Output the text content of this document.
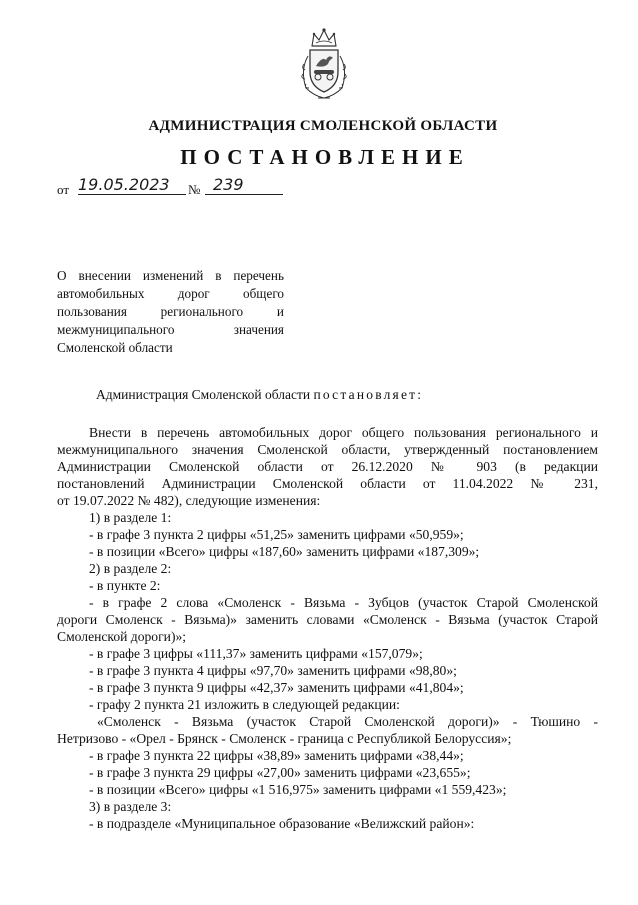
АДМИНИСТРАЦИЯ СМОЛЕНСКОЙ ОБЛАСТИ
ПОСТАНОВЛЕНИЕ
от 19.05.2023	№ 239
О внесении изменений в перечень
автомобильных дорог общего
пользования регионального и
межмуниципального значения
Смоленской области
Администрация Смоленской области постановляет:
Внести в перечень автомобильных дорог общего пользования регионального и
межмуниципального значения Смоленской области, утвержденный постановлением
Администрации Смоленской области от 26.12.2020 № 903 (в редакции
постановлений Администрации Смоленской области от 11.04.2022 № 231,
от 19.07.2022 № 482), следующие изменения:
1) в разделе 1:
- в графе 3 пункта 2 цифры «51,25» заменить цифрами «50,959»;
- в позиции «Всего» цифры «187,60» заменить цифрами «187,309»;
2) в разделе 2:
- в пункте 2:
- в графе 2 слова «Смоленск - Вязьма - Зубцов (участок Старой Смоленской
дороги Смоленск - Вязьма)» заменить словами «Смоленск - Вязьма (участок Старой
Смоленской дороги)»;
- в графе 3 цифры «111,37» заменить цифрами «157,079»;
- в графе 3 пункта 4 цифры «97,70» заменить цифрами «98,80»;
- в графе 3 пункта 9 цифры «42,37» заменить цифрами «41,804»;
- графу 2 пункта 21 изложить в следующей редакции:
«Смоленск - Вязьма (участок Старой Смоленской дороги)» - Тюшино -
Нетризово - «Орел - Брянск - Смоленск - граница с Республикой Белоруссия»;
- в графе 3 пункта 22 цифры «38,89» заменить цифрами «38,44»;
- в графе 3 пункта 29 цифры «27,00» заменить цифрами «23,655»;
- в позиции «Всего» цифры «1 516,975» заменить цифрами «1 559,423»;
3) в разделе 3:
- в подразделе «Муниципальное образование «Велижский район»:
